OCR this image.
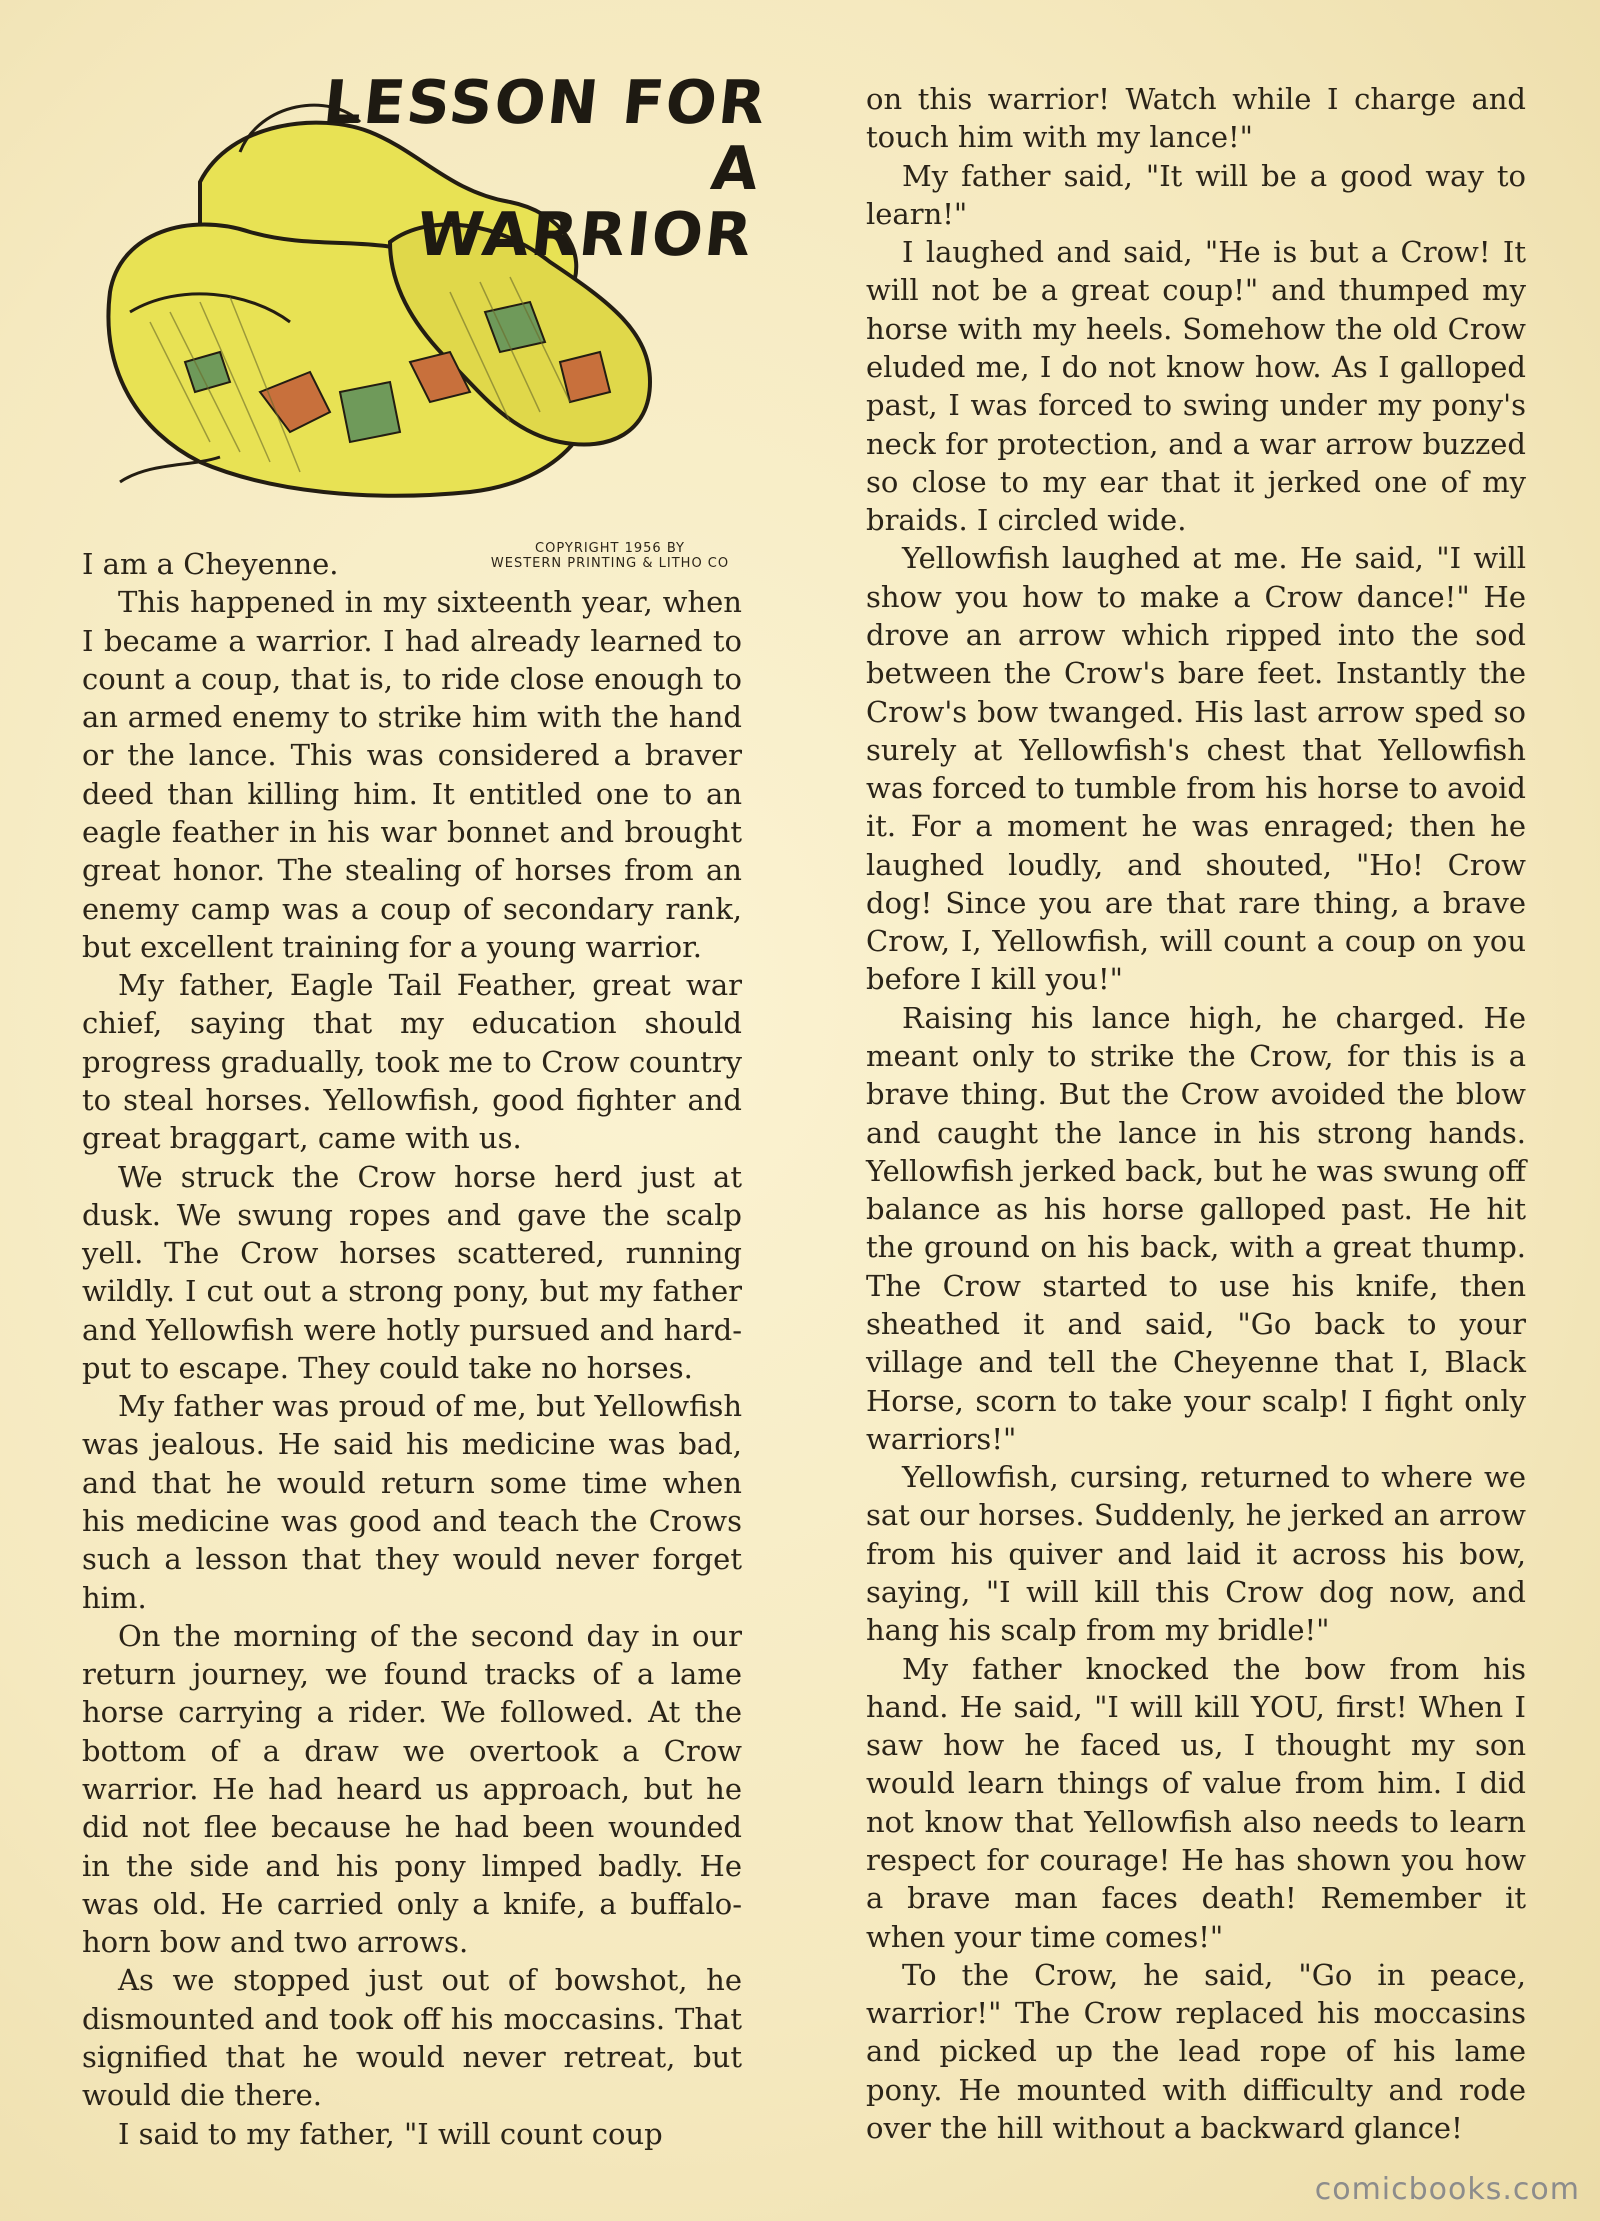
LESSON FOR A
WARRIOR
COPYRIGHT 1956 BY
WESTERN PRINTING & LITHO CO

I am a Cheyenne.

This happened in my sixteenth year, when I became a warrior. I had already learned to count a coup, that is, to ride close enough to an armed enemy to strike him with the hand or the lance. This was considered a braver deed than killing him. It entitled one to an eagle feather in his war bonnet and brought great honor. The stealing of horses from an enemy camp was a coup of secondary rank, but excellent training for a young warrior.

My father, Eagle Tail Feather, great war chief, saying that my education should progress gradually, took me to Crow country to steal horses. Yellowfish, good fighter and great braggart, came with us.

We struck the Crow horse herd just at dusk. We swung ropes and gave the scalp yell. The Crow horses scattered, running wildly. I cut out a strong pony, but my father and Yellowfish were hotly pursued and hard-put to escape. They could take no horses.

My father was proud of me, but Yellowfish was jealous. He said his medicine was bad, and that he would return some time when his medicine was good and teach the Crows such a lesson that they would never forget him.

On the morning of the second day in our return journey, we found tracks of a lame horse carrying a rider. We followed. At the bottom of a draw we overtook a Crow warrior. He had heard us approach, but he did not flee because he had been wounded in the side and his pony limped badly. He was old. He carried only a knife, a buffalo-horn bow and two arrows.

As we stopped just out of bowshot, he dismounted and took off his moccasins. That signified that he would never retreat, but would die there.

I said to my father, "I will count coup

on this warrior! Watch while I charge and touch him with my lance!"

My father said, "It will be a good way to learn!"

I laughed and said, "He is but a Crow! It will not be a great coup!" and thumped my horse with my heels. Somehow the old Crow eluded me, I do not know how. As I galloped past, I was forced to swing under my pony's neck for protection, and a war arrow buzzed so close to my ear that it jerked one of my braids. I circled wide.

Yellowfish laughed at me. He said, "I will show you how to make a Crow dance!" He drove an arrow which ripped into the sod between the Crow's bare feet. Instantly the Crow's bow twanged. His last arrow sped so surely at Yellowfish's chest that Yellowfish was forced to tumble from his horse to avoid it. For a moment he was enraged; then he laughed loudly, and shouted, "Ho! Crow dog! Since you are that rare thing, a brave Crow, I, Yellowfish, will count a coup on you before I kill you!"

Raising his lance high, he charged. He meant only to strike the Crow, for this is a brave thing. But the Crow avoided the blow and caught the lance in his strong hands. Yellowfish jerked back, but he was swung off balance as his horse galloped past. He hit the ground on his back, with a great thump. The Crow started to use his knife, then sheathed it and said, "Go back to your village and tell the Cheyenne that I, Black Horse, scorn to take your scalp! I fight only warriors!"

Yellowfish, cursing, returned to where we sat our horses. Suddenly, he jerked an arrow from his quiver and laid it across his bow, saying, "I will kill this Crow dog now, and hang his scalp from my bridle!"

My father knocked the bow from his hand. He said, "I will kill YOU, first! When I saw how he faced us, I thought my son would learn things of value from him. I did not know that Yellowfish also needs to learn respect for courage! He has shown you how a brave man faces death! Remember it when your time comes!"

To the Crow, he said, "Go in peace, warrior!" The Crow replaced his moccasins and picked up the lead rope of his lame pony. He mounted with difficulty and rode over the hill without a backward glance!

comicbooks.com
